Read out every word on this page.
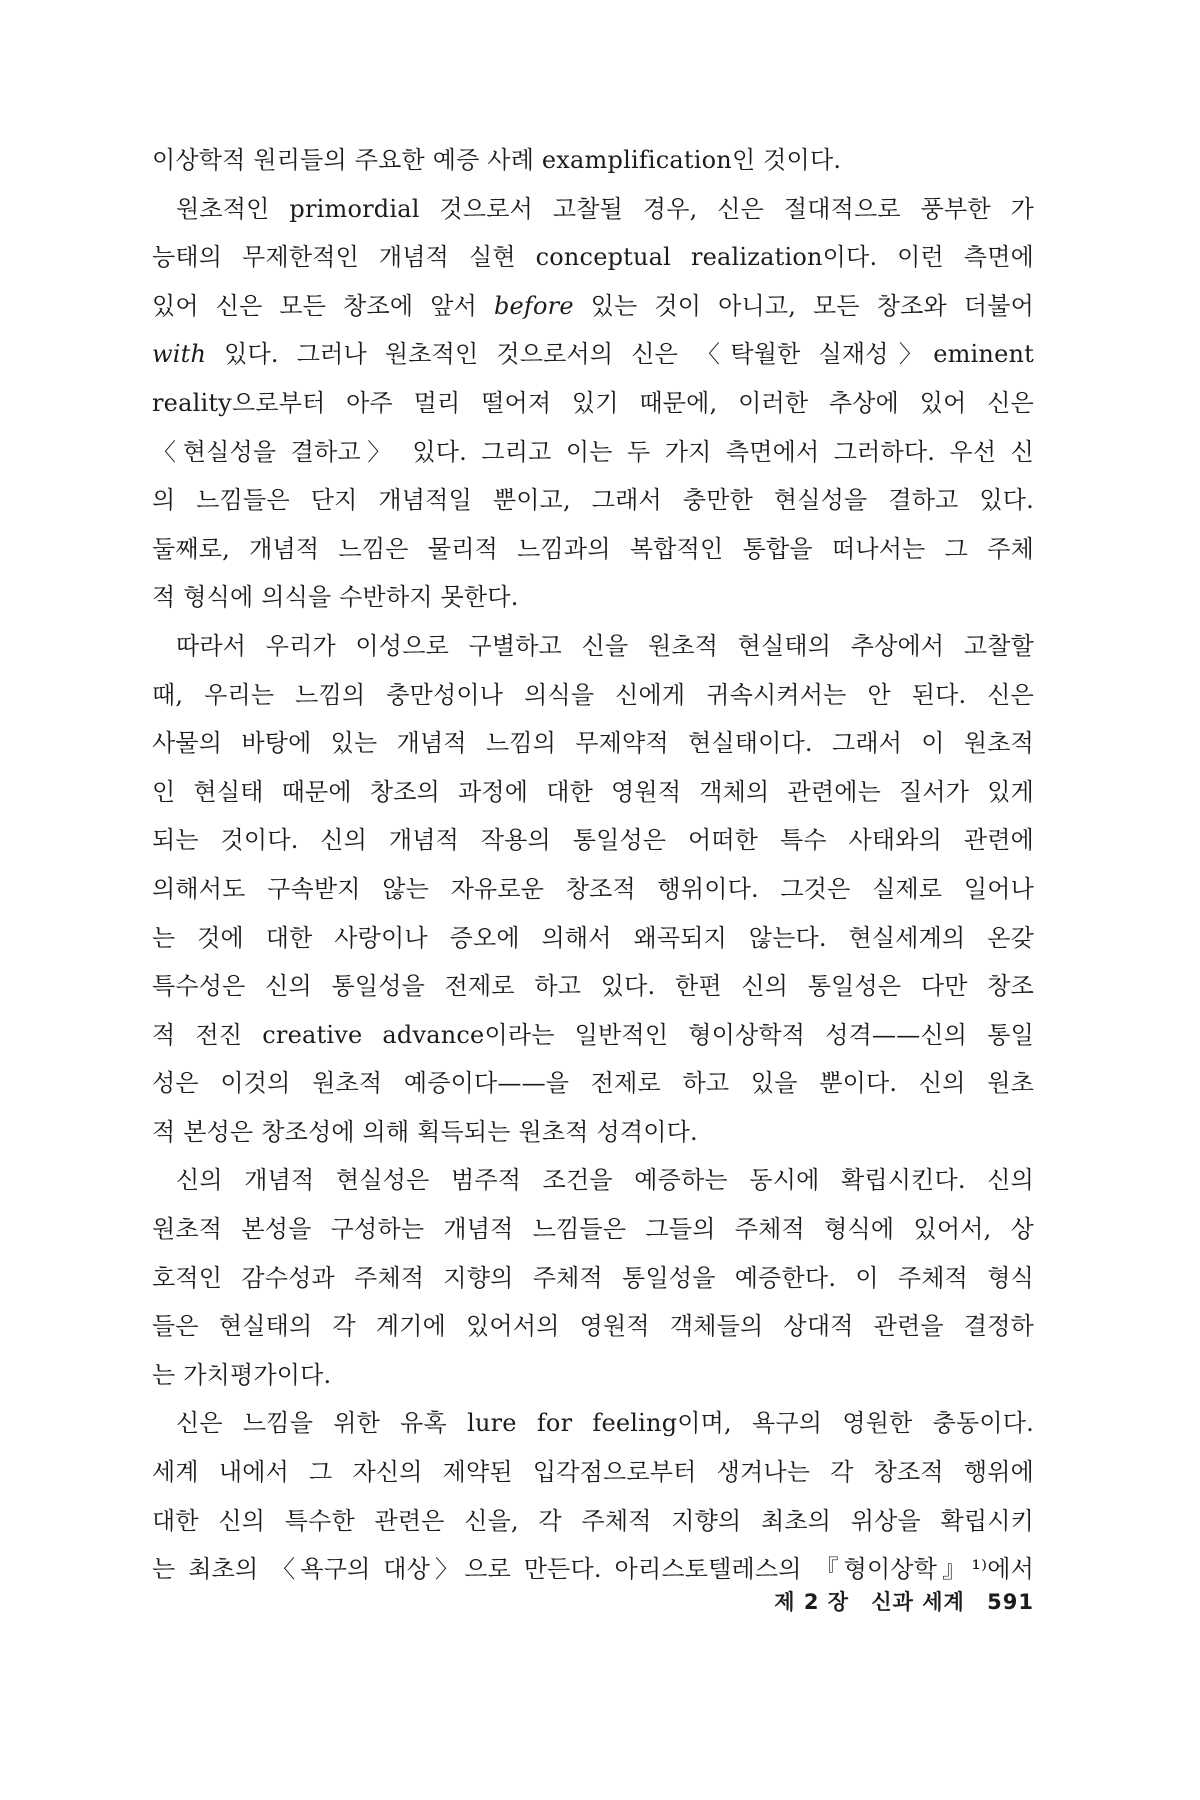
이상학적 원리들의 주요한 예증 사례 examplification인 것이다.
원초적인 primordial 것으로서 고찰될 경우, 신은 절대적으로 풍부한 가
능태의 무제한적인 개념적 실현 conceptual realization이다. 이런 측면에
있어 신은 모든 창조에 앞서 before 있는 것이 아니고, 모든 창조와 더불어
with 있다. 그러나 원초적인 것으로서의 신은 〈탁월한 실재성〉eminent
reality으로부터 아주 멀리 떨어져 있기 때문에, 이러한 추상에 있어 신은
〈현실성을 결하고〉 있다. 그리고 이는 두 가지 측면에서 그러하다. 우선 신
의 느낌들은 단지 개념적일 뿐이고, 그래서 충만한 현실성을 결하고 있다.
둘째로, 개념적 느낌은 물리적 느낌과의 복합적인 통합을 떠나서는 그 주체
적 형식에 의식을 수반하지 못한다.
따라서 우리가 이성으로 구별하고 신을 원초적 현실태의 추상에서 고찰할
때, 우리는 느낌의 충만성이나 의식을 신에게 귀속시켜서는 안 된다. 신은
사물의 바탕에 있는 개념적 느낌의 무제약적 현실태이다. 그래서 이 원초적
인 현실태 때문에 창조의 과정에 대한 영원적 객체의 관련에는 질서가 있게
되는 것이다. 신의 개념적 작용의 통일성은 어떠한 특수 사태와의 관련에
의해서도 구속받지 않는 자유로운 창조적 행위이다. 그것은 실제로 일어나
는 것에 대한 사랑이나 증오에 의해서 왜곡되지 않는다. 현실세계의 온갖
특수성은 신의 통일성을 전제로 하고 있다. 한편 신의 통일성은 다만 창조
적 전진 creative advance이라는 일반적인 형이상학적 성격——신의 통일
성은 이것의 원초적 예증이다——을 전제로 하고 있을 뿐이다. 신의 원초
적 본성은 창조성에 의해 획득되는 원초적 성격이다.
신의 개념적 현실성은 범주적 조건을 예증하는 동시에 확립시킨다. 신의
원초적 본성을 구성하는 개념적 느낌들은 그들의 주체적 형식에 있어서, 상
호적인 감수성과 주체적 지향의 주체적 통일성을 예증한다. 이 주체적 형식
들은 현실태의 각 계기에 있어서의 영원적 객체들의 상대적 관련을 결정하
는 가치평가이다.
신은 느낌을 위한 유혹 lure for feeling이며, 욕구의 영원한 충동이다.
세계 내에서 그 자신의 제약된 입각점으로부터 생겨나는 각 창조적 행위에
대한 신의 특수한 관련은 신을, 각 주체적 지향의 최초의 위상을 확립시키
는 최초의 〈욕구의 대상〉으로 만든다. 아리스토텔레스의 『형이상학』¹⁾에서
제 2 장 신과 세계 591
